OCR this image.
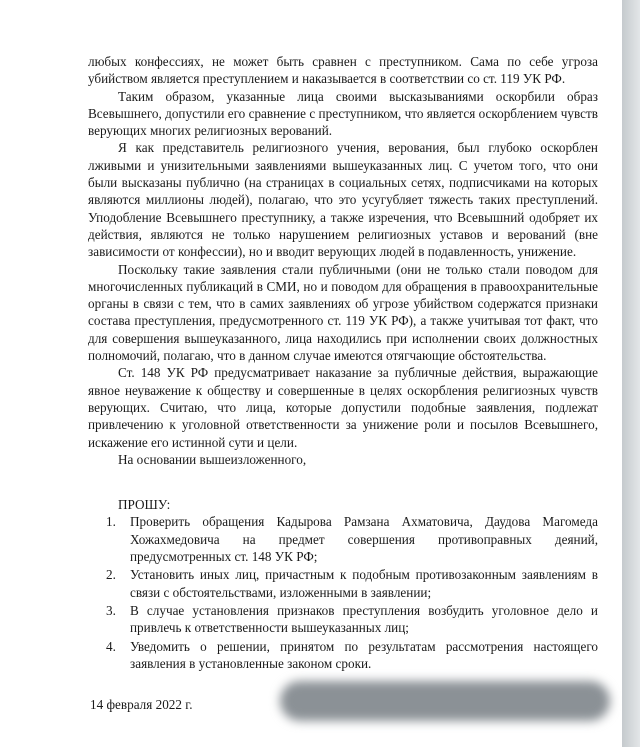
любых конфессиях, не может быть сравнен с преступником. Сама по себе угроза убийством является преступлением и наказывается в соответствии со ст. 119 УК РФ.

Таким образом, указанные лица своими высказываниями оскорбили образ Всевышнего, допустили его сравнение с преступником, что является оскорблением чувств верующих многих религиозных верований.

Я как представитель религиозного учения, верования, был глубоко оскорблен лживыми и унизительными заявлениями вышеуказанных лиц. С учетом того, что они были высказаны публично (на страницах в социальных сетях, подписчиками на которых являются миллионы людей), полагаю, что это усугубляет тяжесть таких преступлений. Уподобление Всевышнего преступнику, а также изречения, что Всевышний одобряет их действия, являются не только нарушением религиозных уставов и верований (вне зависимости от конфессии), но и вводит верующих людей в подавленность, унижение.

Поскольку такие заявления стали публичными (они не только стали поводом для многочисленных публикаций в СМИ, но и поводом для обращения в правоохранительные органы в связи с тем, что в самих заявлениях об угрозе убийством содержатся признаки состава преступления, предусмотренного ст. 119 УК РФ), а также учитывая тот факт, что для совершения вышеуказанного, лица находились при исполнении своих должностных полномочий, полагаю, что в данном случае имеются отягчающие обстоятельства.

Ст. 148 УК РФ предусматривает наказание за публичные действия, выражающие явное неуважение к обществу и совершенные в целях оскорбления религиозных чувств верующих. Считаю, что лица, которые допустили подобные заявления, подлежат привлечению к уголовной ответственности за унижение роли и посылов Всевышнего, искажение его истинной сути и цели.

На основании вышеизложенного,

ПРОШУ:

1. Проверить обращения Кадырова Рамзана Ахматовича, Даудова Магомеда Хожахмедовича на предмет совершения противоправных деяний, предусмотренных ст. 148 УК РФ;
2. Установить иных лиц, причастным к подобным противозаконным заявлениям в связи с обстоятельствами, изложенными в заявлении;
3. В случае установления признаков преступления возбудить уголовное дело и привлечь к ответственности вышеуказанных лиц;
4. Уведомить о решении, принятом по результатам рассмотрения настоящего заявления в установленные законом сроки.
14 февраля 2022 г.
